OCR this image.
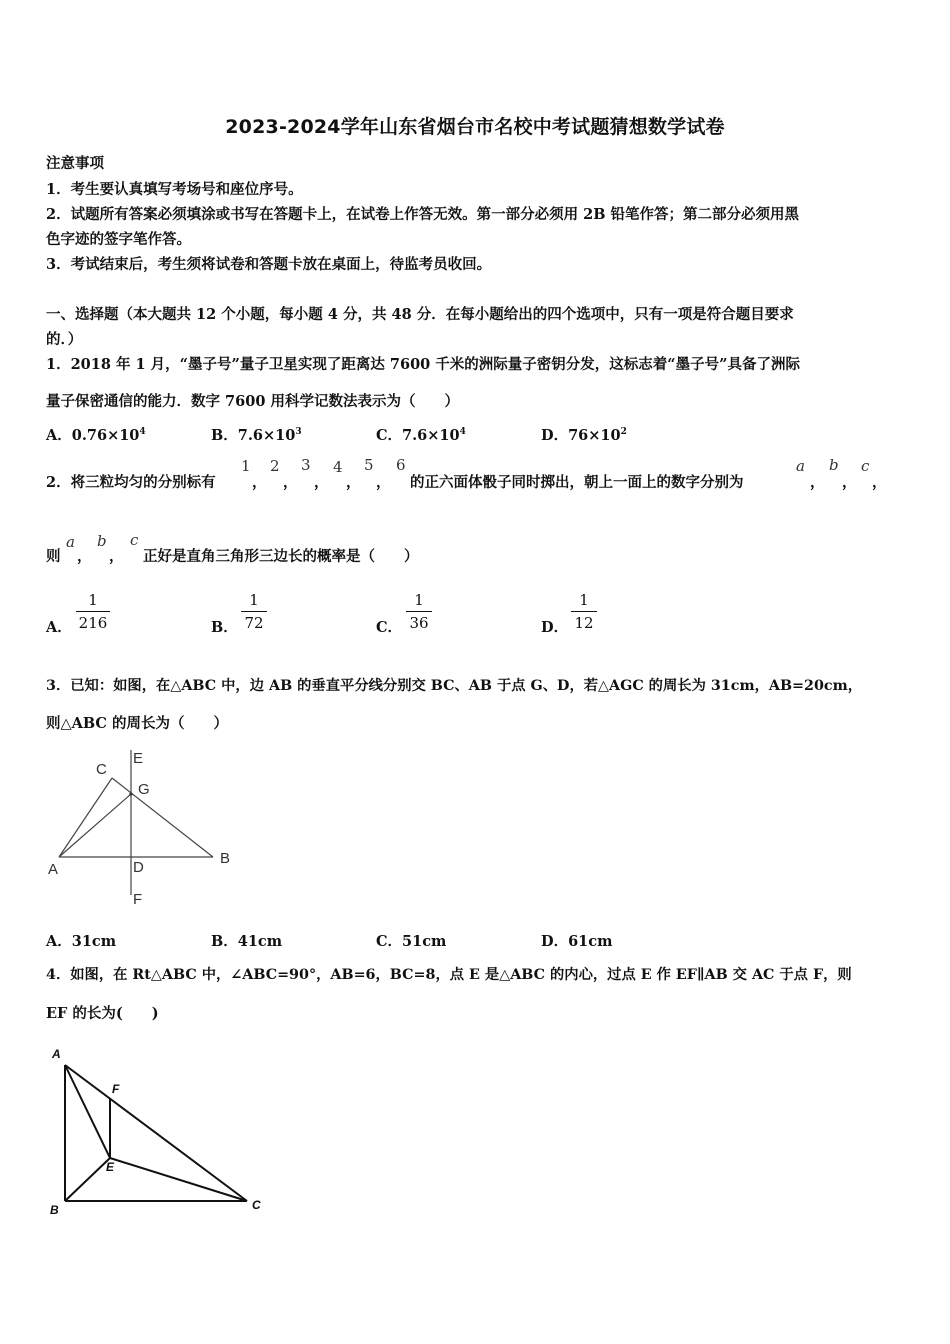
2023-2024学年山东省烟台市名校中考试题猜想数学试卷
注意事项
1．考生要认真填写考场号和座位序号。
2．试题所有答案必须填涂或书写在答题卡上，在试卷上作答无效。第一部分必须用 2B 铅笔作答；第二部分必须用黑
色字迹的签字笔作答。
3．考试结束后，考生须将试卷和答题卡放在桌面上，待监考员收回。
一、选择题（本大题共 12 个小题，每小题 4 分，共 48 分．在每小题给出的四个选项中，只有一项是符合题目要求
的．）
1．2018 年 1 月，“墨子号”量子卫星实现了距离达 7600 千米的洲际量子密钥分发，这标志着“墨子号”具备了洲际
量子保密通信的能力．数字 7600 用科学记数法表示为（　　）
A．$0.76\times 10^4$	B．$7.6\times 10^3$	C．$7.6\times 10^4$	D．$76\times 10^2$
2．将三粒均匀的分别标有
1
，
2
，
3
，
4
，
5
，
6
的正六面体骰子同时掷出，朝上一面上的数字分别为
a
，
b
，
c
，
则
a
，
b
，
c
正好是直角三角形三边长的概率是（　　）
A．
1
216	B．
1
72	C．
1
36	D．
1
12
3．已知：如图，在△ABC 中，边 AB 的垂直平分线分别交 BC、AB 于点 G、D，若△AGC 的周长为 31cm，AB=20cm，
则△ABC 的周长为（　　）
C
E
G
A	D
B
F
A．31cm	B．41cm	C．51cm	D．61cm
4．如图，在 Rt△ABC 中，∠ABC=90°，AB=6，BC=8，点 E 是△ABC 的内心，过点 E 作 EF∥AB 交 AC 于点 F，则
EF 的长为(　　)
A
F
E
B	C
